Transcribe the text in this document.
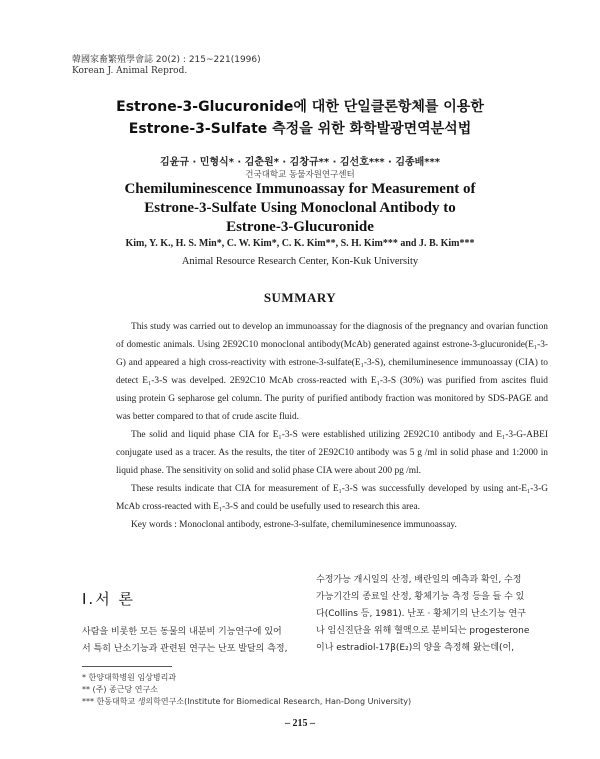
韓國家畜繁殖學會誌 20(2) : 215~221(1996)
Korean J. Animal Reprod.
Estrone-3-Glucuronide에 대한 단일클론항체를 이용한
Estrone-3-Sulfate 측정을 위한 화학발광면역분석법
김윤규 · 민형식* · 김춘원* · 김창규** · 김선호*** · 김종배***
건국대학교 동물자원연구센터
Chemiluminescence Immunoassay for Measurement of
Estrone-3-Sulfate Using Monoclonal Antibody to
Estrone-3-Glucuronide
Kim, Y. K., H. S. Min*, C. W. Kim*, C. K. Kim**, S. H. Kim*** and J. B. Kim***
Animal Resource Research Center, Kon-Kuk University
SUMMARY

This study was carried out to develop an immunoassay for the diagnosis of the pregnancy and ovarian function of domestic animals. Using 2E92C10 monoclonal antibody(McAb) generated against estrone-3-glucuronide(E₁-3-G) and appeared a high cross-reactivity with estrone-3-sulfate(E₁-3-S), chemiluminesence immunoassay (CIA) to detect E₁-3-S was develped. 2E92C10 McAb cross-reacted with E₁-3-S (30%) was purified from ascites fluid using protein G sepharose gel column. The purity of purified antibody fraction was monitored by SDS-PAGE and was better compared to that of crude ascite fluid.

The solid and liquid phase CIA for E₁-3-S were established utilizing 2E92C10 antibody and E₁-3-G-ABEI conjugate used as a tracer. As the results, the titer of 2E92C10 antibody was 5 g /ml in solid phase and 1:2000 in liquid phase. The sensitivity on solid and solid phase CIA were about 200 pg /ml.

These results indicate that CIA for measurement of E₁-3-S was successfully developed by using ant-E₁-3-G McAb cross-reacted with E₁-3-S and could be usefully used to research this area.

Key words : Monoclonal antibody, estrone-3-sulfate, chemiluminesence immunoassay.

Ⅰ.서 론
사람을 비롯한 모든 동물의 내분비 기능연구에 있어
서 특히 난소기능과 관련된 연구는 난포 발달의 측정,
수정가능 개시일의 산정, 배란일의 예측과 확인, 수정
가능기간의 종료일 산정, 황체기능 측정 등을 들 수 있
다(Collins 등, 1981). 난포 · 황체기의 난소기능 연구
나 임신진단을 위해 혈액으로 분비되는 progesterone
이나 estradiol-17β(E₂)의 양을 측정해 왔는데(이,
* 한양대학병원 임상병리과
** (주) 종근당 연구소
*** 한동대학교 생의학연구소(Institute for Biomedical Research, Han-Dong University)
– 215 –
